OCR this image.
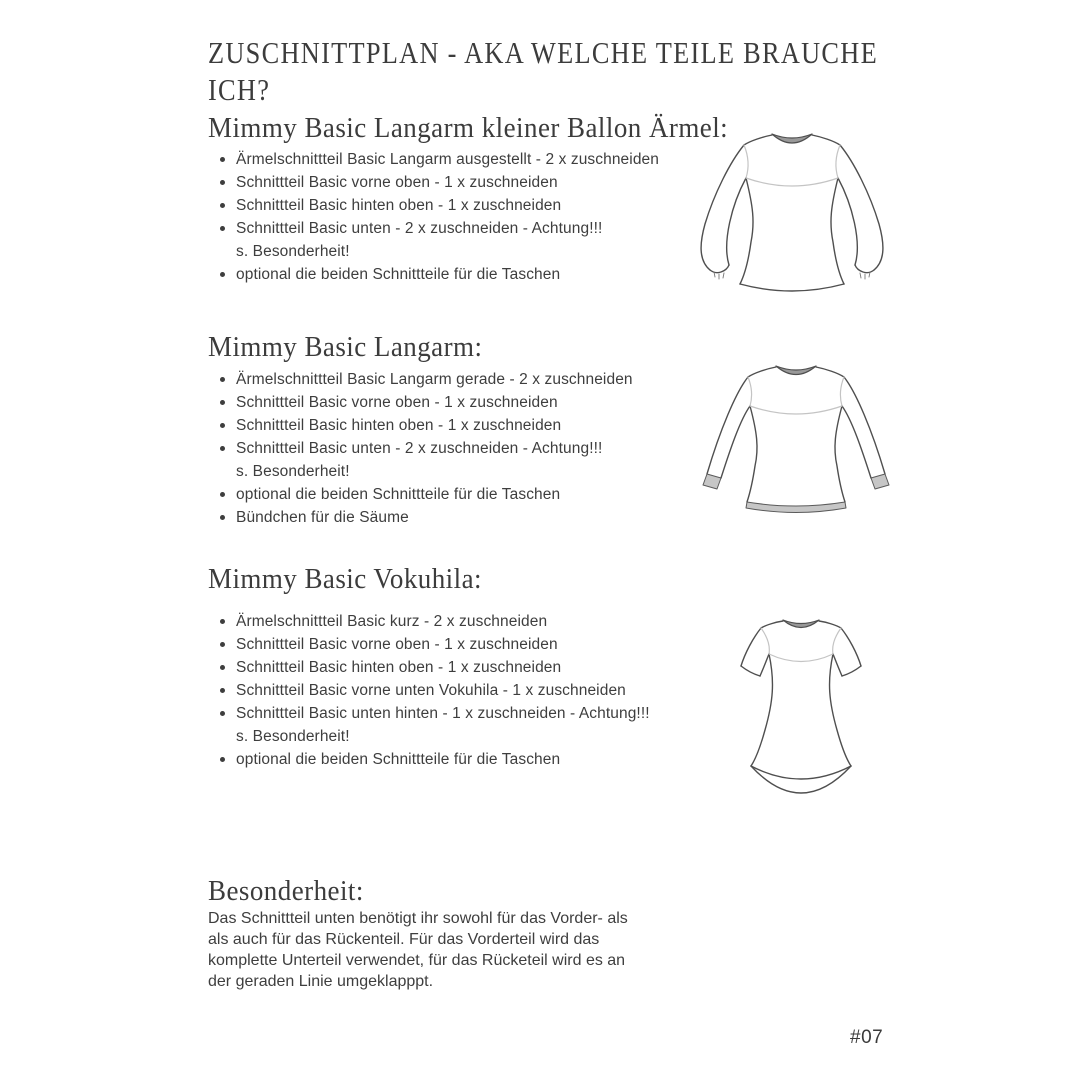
ZUSCHNITTPLAN - AKA WELCHE TEILE BRAUCHE
ICH?
Mimmy Basic Langarm kleiner Ballon Ärmel:
Ärmelschnittteil Basic Langarm ausgestellt - 2 x zuschneiden
Schnittteil Basic vorne oben - 1 x zuschneiden
Schnittteil Basic hinten oben - 1 x zuschneiden
Schnittteil Basic unten - 2 x zuschneiden - Achtung!!!
s. Besonderheit!
optional die beiden Schnittteile für die Taschen
Mimmy Basic Langarm:
Ärmelschnittteil Basic Langarm gerade - 2 x zuschneiden
Schnittteil Basic vorne oben - 1 x zuschneiden
Schnittteil Basic hinten oben - 1 x zuschneiden
Schnittteil Basic unten - 2 x zuschneiden - Achtung!!!
s. Besonderheit!
optional die beiden Schnittteile für die Taschen
Bündchen für die Säume
Mimmy Basic Vokuhila:
Ärmelschnittteil Basic kurz - 2 x zuschneiden
Schnittteil Basic vorne oben - 1 x zuschneiden
Schnittteil Basic hinten oben - 1 x zuschneiden
Schnittteil Basic vorne unten Vokuhila - 1 x zuschneiden
Schnittteil Basic unten hinten - 1 x zuschneiden - Achtung!!!
s. Besonderheit!
optional die beiden Schnittteile für die Taschen
Besonderheit:
Das Schnittteil unten benötigt ihr sowohl für das Vorder- als
als auch für das Rückenteil. Für das Vorderteil wird das
komplette Unterteil verwendet, für das Rücketeil wird es an
der geraden Linie umgeklapppt.
#07
